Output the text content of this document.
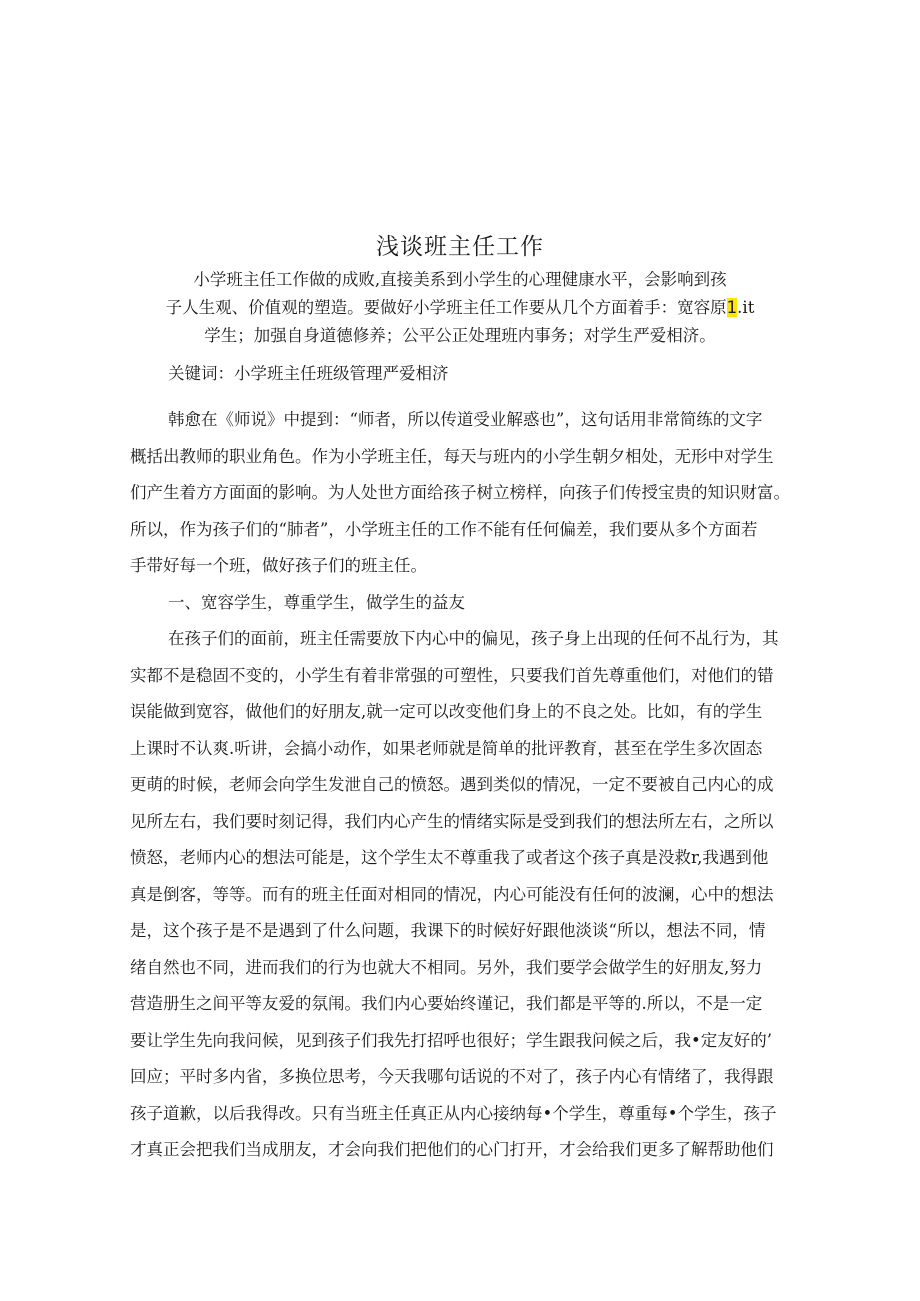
浅谈班主任工作
小学班主任工作做的成败,直接美系到小学生的心理健康水平，会影响到孩
子人生观、价值观的塑造。要做好小学班主任工作要从几个方面着手：宽容原1.it
学生；加强自身道德修养；公平公正处理班内事务；对学生严爱相济。
关键词：小学班主任班级管理严爱相济
韩愈在《师说》中提到：“师者，所以传道受业解惑也”，这句话用非常简练的文字
概括出教师的职业角色。作为小学班主任，每天与班内的小学生朝夕相处，无形中对学生
们产生着方方面面的影响。为人处世方面给孩子树立榜样，向孩子们传授宝贵的知识财富。
所以，作为孩子们的“肺者”，小学班主任的工作不能有任何偏差，我们要从多个方面若
手带好每一个班，做好孩子们的班主任。
一、宽容学生，尊重学生，做学生的益友
在孩子们的面前，班主任需要放下内心中的偏见，孩子身上出现的任何不乩行为，其
实都不是稳固不变的，小学生有着非常强的可塑性，只要我们首先尊重他们，对他们的错
误能做到宽容，做他们的好朋友,就一定可以改变他们身上的不良之处。比如，有的学生
上课时不认爽.听讲，会搞小动作，如果老师就是简单的批评教育，甚至在学生多次固态
更萌的时候，老师会向学生发泄自己的愤怒。遇到类似的情况，一定不要被自己内心的成
见所左右，我们要时刻记得，我们内心产生的情绪实际是受到我们的想法所左右，之所以
愤怒，老师内心的想法可能是，这个学生太不尊重我了或者这个孩子真是没救r,我遇到他
真是倒客，等等。而有的班主任面对相同的情况，内心可能没有任何的波澜，心中的想法
是，这个孩子是不是遇到了什么问题，我课下的时候好好跟他淡谈“所以，想法不同，情
绪自然也不同，进而我们的行为也就大不相同。另外，我们要学会做学生的好朋友,努力
营造册生之间平等友爱的氛闱。我们内心要始终谨记，我们都是平等的.所以，不是一定
要让学生先向我问候，见到孩子们我先打招呼也很好；学生跟我问候之后，我•定友好的’
回应；平时多内省，多换位思考，今天我哪句话说的不对了，孩子内心有情绪了，我得跟
孩子道歉，以后我得改。只有当班主任真正从内心接纳每•个学生，尊重每•个学生，孩子
才真正会把我们当成朋友，才会向我们把他们的心门打开，才会给我们更多了解帮助他们
